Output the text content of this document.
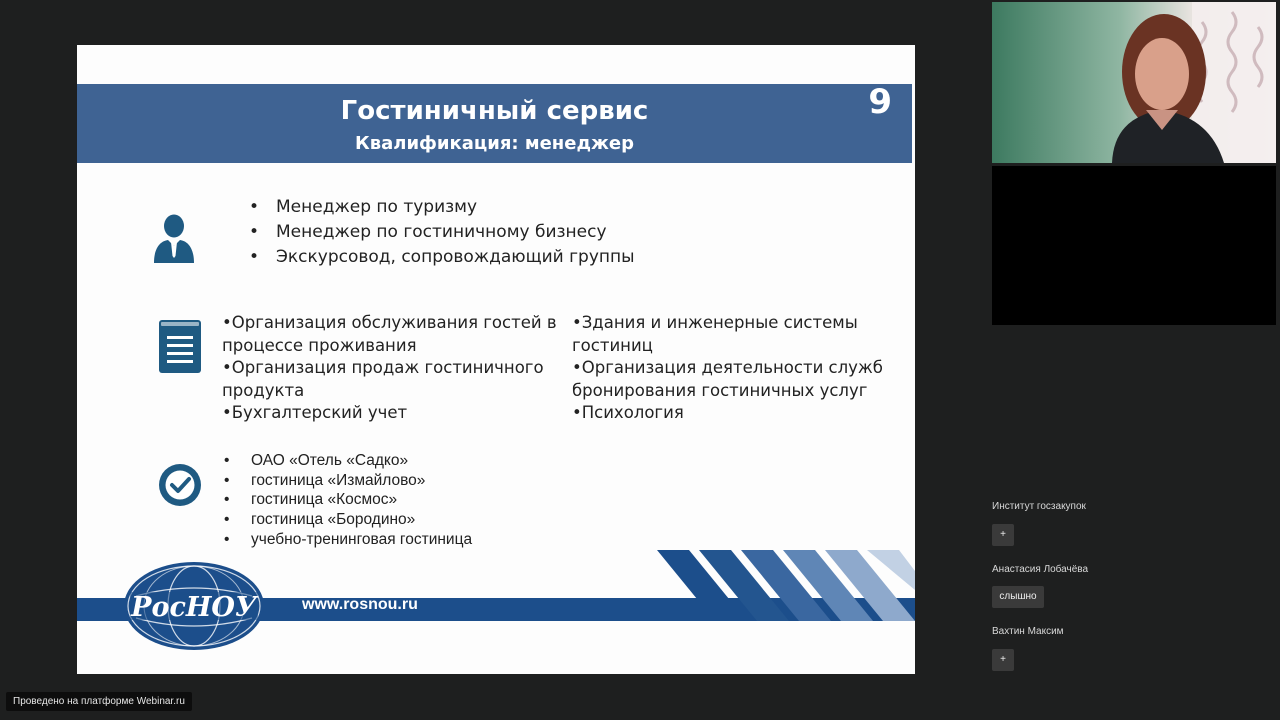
Гостиничный сервис
Квалификация: менеджер
9
• Менеджер по туризму
• Менеджер по гостиничному бизнесу
• Экскурсовод, сопровождающий группы

•Организация обслуживания гостей в процессе проживания

•Организация продаж гостиничного продукта

•Бухгалтерский учет

•Здания и инженерные системы гостиниц

•Организация деятельности служб бронирования гостиничных услуг

•Психология

• ОАО «Отель «Садко»
• гостиница «Измайлово»
• гостиница «Космос»
• гостиница «Бородино»
• учебно-тренинговая гостиница
www.rosnou.ru
РосНОУ
Институт госзакупок
+
Анастасия Лобачёва
слышно
Вахтин Максим
+
Проведено на платформе Webinar.ru
